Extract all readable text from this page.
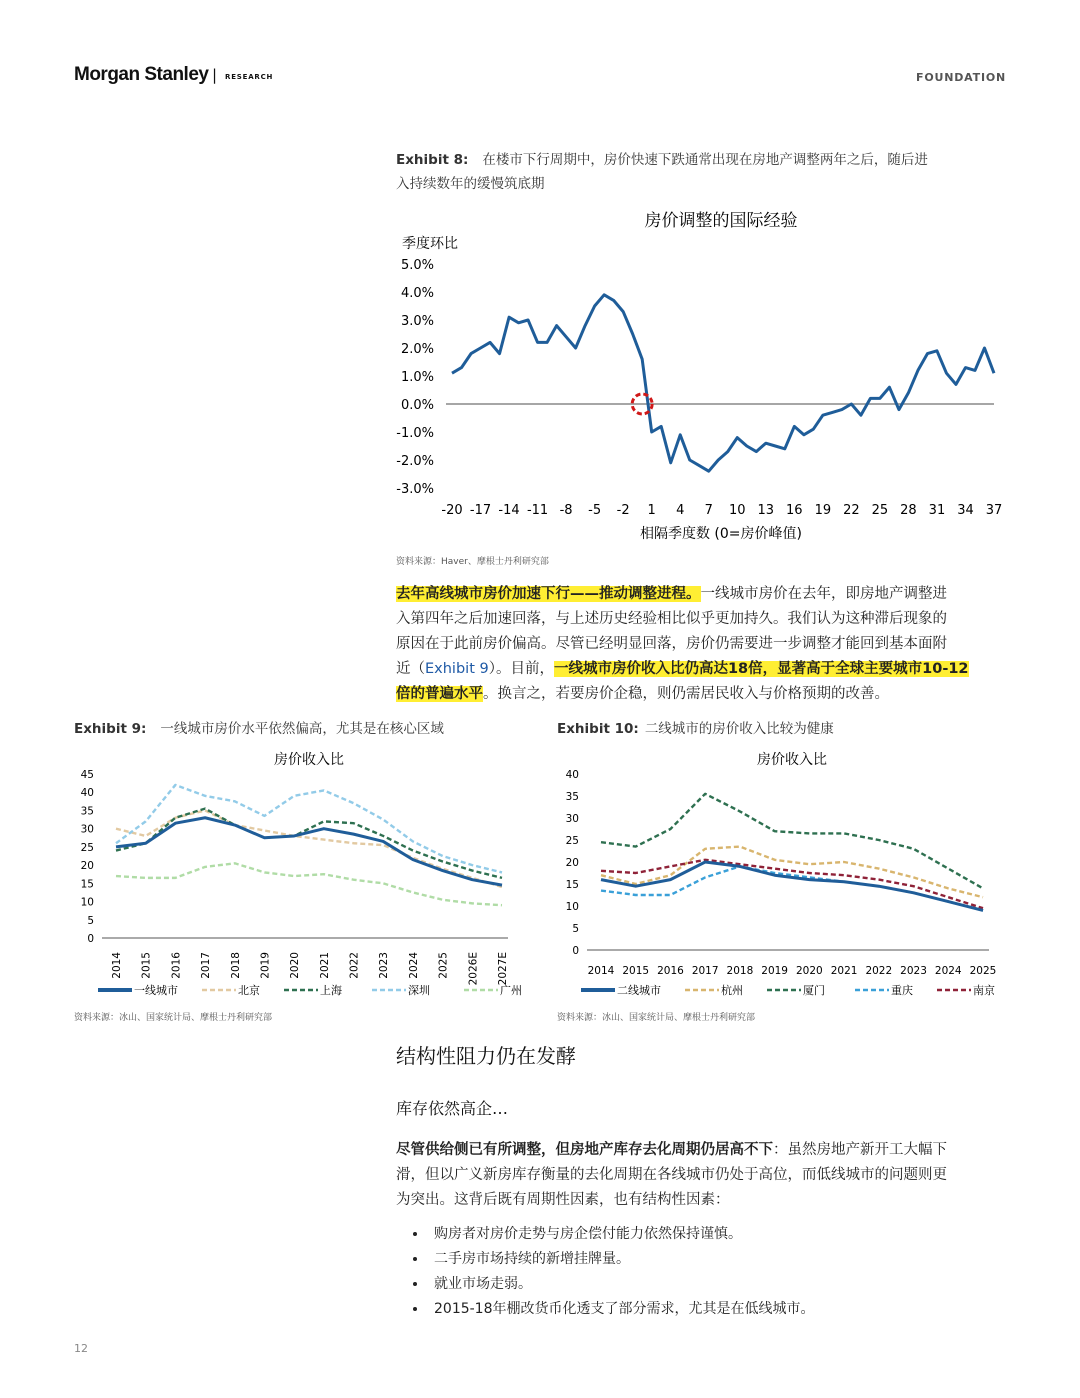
Morgan Stanley | RESEARCH	FOUNDATION
Exhibit 8: 在楼市下行周期中，房价快速下跌通常出现在房地产调整两年之后，随后进
入持续数年的缓慢筑底期
房价调整的国际经验
季度环比
5.0%
4.0%
3.0%
2.0%
1.0%
0.0%
-1.0%
-2.0%
-3.0%
-20 -17 -14 -11 -8 -5 -2 1 4 7 10 13 16 19 22 25 28 31 34 37
相隔季度数 (0=房价峰值)
资料来源：Haver、摩根士丹利研究部
去年高线城市房价加速下行——推动调整进程。一线城市房价在去年，即房地产调整进
入第四年之后加速回落，与上述历史经验相比似乎更加持久。我们认为这种滞后现象的
原因在于此前房价偏高。尽管已经明显回落，房价仍需要进一步调整才能回到基本面附
近（Exhibit 9）。目前，一线城市房价收入比仍高达18倍，显著高于全球主要城市10-12
倍的普遍水平。换言之，若要房价企稳，则仍需居民收入与价格预期的改善。
Exhibit 9: 一线城市房价水平依然偏高，尤其是在核心区域	Exhibit 10: 二线城市的房价收入比较为健康
房价收入比
45
40
35
30
25
20
15
10
5
0
2014 2015 2016 2017 2018 2019 2020 2021 2022 2023 2024 2025 2026E 2027E
一线城市	北京	上海	深圳	广州
房价收入比
40
35
30
25
20
15
10
5
0
2014 2015 2016 2017 2018 2019 2020 2021 2022 2023 2024 2025
二线城市	杭州	厦门	重庆	南京
资料来源：冰山、国家统计局、摩根士丹利研究部	资料来源：冰山、国家统计局、摩根士丹利研究部
结构性阻力仍在发酵
库存依然高企…
尽管供给侧已有所调整，但房地产库存去化周期仍居高不下：虽然房地产新开工大幅下
滑，但以广义新房库存衡量的去化周期在各线城市仍处于高位，而低线城市的问题则更
为突出。这背后既有周期性因素，也有结构性因素：
• 购房者对房价走势与房企偿付能力依然保持谨慎。
• 二手房市场持续的新增挂牌量。
• 就业市场走弱。
• 2015-18年棚改货币化透支了部分需求，尤其是在低线城市。
12
